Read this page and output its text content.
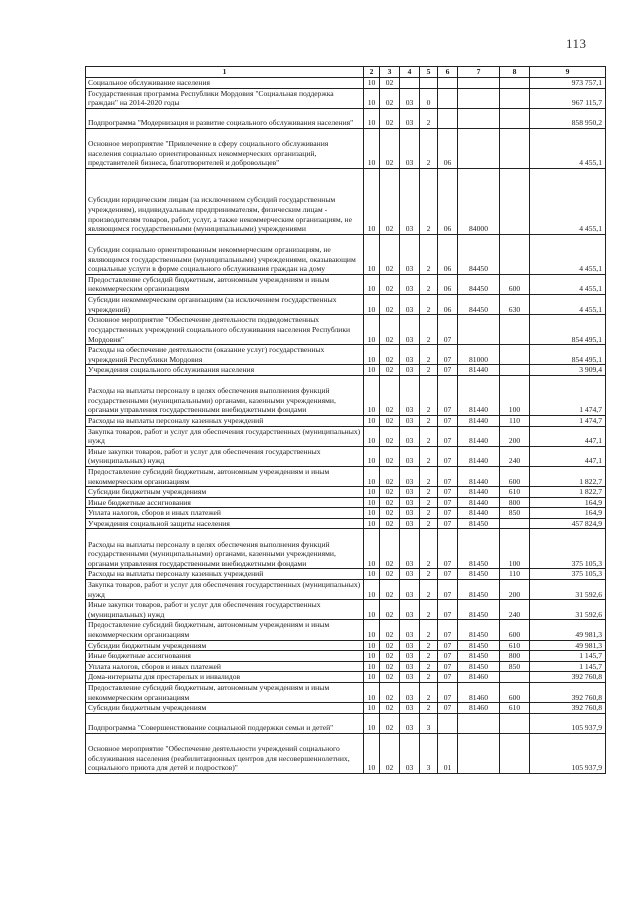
113
1	2	3	4	5	6	7	8	9
Социальное обслуживание населения	10	02						973 757,1
Государственная программа Республики Мордовия "Социальная поддержка граждан" на 2014-2020 годы	10	02	03	0				967 115,7
Подпрограмма "Модернизация и развитие социального обслуживания населения"	10	02	03	2				858 950,2
Основное мероприятие "Привлечение в сферу социального обслуживания населения социально ориентированных некоммерческих организаций, представителей бизнеса, благотворителей и добровольцев"	10	02	03	2	06			4 455,1
Субсидии юридическим лицам (за исключением субсидий государственным учреждениям), индивидуальным предпринимателям, физическим лицам - производителям товаров, работ, услуг, а также некоммерческим организациям, не являющимся государственными (муниципальными) учреждениями	10	02	03	2	06	84000		4 455,1
Субсидии социально ориентированным некоммерческим организациям, не являющимся государственными (муниципальными) учреждениями, оказывающим социальные услуги в форме социального обслуживания граждан на дому	10	02	03	2	06	84450		4 455,1
Предоставление субсидий бюджетным, автономным учреждениям и иным некоммерческим организациям	10	02	03	2	06	84450	600	4 455,1
Субсидии некоммерческим организациям (за исключением государственных учреждений)	10	02	03	2	06	84450	630	4 455,1
Основное мероприятие "Обеспечение деятельности подведомственных государственных учреждений социального обслуживания населения Республики Мордовия"	10	02	03	2	07			854 495,1
Расходы на обеспечение деятельности (оказание услуг) государственных учреждений Республики Мордовия	10	02	03	2	07	81000		854 495,1
Учреждения социального обслуживания населения	10	02	03	2	07	81440		3 909,4
Расходы на выплаты персоналу в целях обеспечения выполнения функций государственными (муниципальными) органами, казенными учреждениями, органами управления государственными внебюджетными фондами	10	02	03	2	07	81440	100	1 474,7
Расходы на выплаты персоналу казенных учреждений	10	02	03	2	07	81440	110	1 474,7
Закупка товаров, работ и услуг для обеспечения государственных (муниципальных) нужд	10	02	03	2	07	81440	200	447,1
Иные закупки товаров, работ и услуг для обеспечения государственных (муниципальных) нужд	10	02	03	2	07	81440	240	447,1
Предоставление субсидий бюджетным, автономным учреждениям и иным некоммерческим организациям	10	02	03	2	07	81440	600	1 822,7
Субсидии бюджетным учреждениям	10	02	03	2	07	81440	610	1 822,7
Иные бюджетные ассигнования	10	02	03	2	07	81440	800	164,9
Уплата налогов, сборов и иных платежей	10	02	03	2	07	81440	850	164,9
Учреждения социальной защиты населения	10	02	03	2	07	81450		457 824,9
Расходы на выплаты персоналу в целях обеспечения выполнения функций государственными (муниципальными) органами, казенными учреждениями, органами управления государственными внебюджетными фондами	10	02	03	2	07	81450	100	375 105,3
Расходы на выплаты персоналу казенных учреждений	10	02	03	2	07	81450	110	375 105,3
Закупка товаров, работ и услуг для обеспечения государственных (муниципальных) нужд	10	02	03	2	07	81450	200	31 592,6
Иные закупки товаров, работ и услуг для обеспечения государственных (муниципальных) нужд	10	02	03	2	07	81450	240	31 592,6
Предоставление субсидий бюджетным, автономным учреждениям и иным некоммерческим организациям	10	02	03	2	07	81450	600	49 981,3
Субсидии бюджетным учреждениям	10	02	03	2	07	81450	610	49 981,3
Иные бюджетные ассигнования	10	02	03	2	07	81450	800	1 145,7
Уплата налогов, сборов и иных платежей	10	02	03	2	07	81450	850	1 145,7
Дома-интернаты для престарелых и инвалидов	10	02	03	2	07	81460		392 760,8
Предоставление субсидий бюджетным, автономным учреждениям и иным некоммерческим организациям	10	02	03	2	07	81460	600	392 760,8
Субсидии бюджетным учреждениям	10	02	03	2	07	81460	610	392 760,8
Подпрограмма "Совершенствование социальной поддержки семьи и детей"	10	02	03	3				105 937,9
Основное мероприятие "Обеспечение деятельности учреждений социального обслуживания населения (реабилитационных центров для несовершеннолетних, социального приюта для детей и подростков)"	10	02	03	3	01			105 937,9
